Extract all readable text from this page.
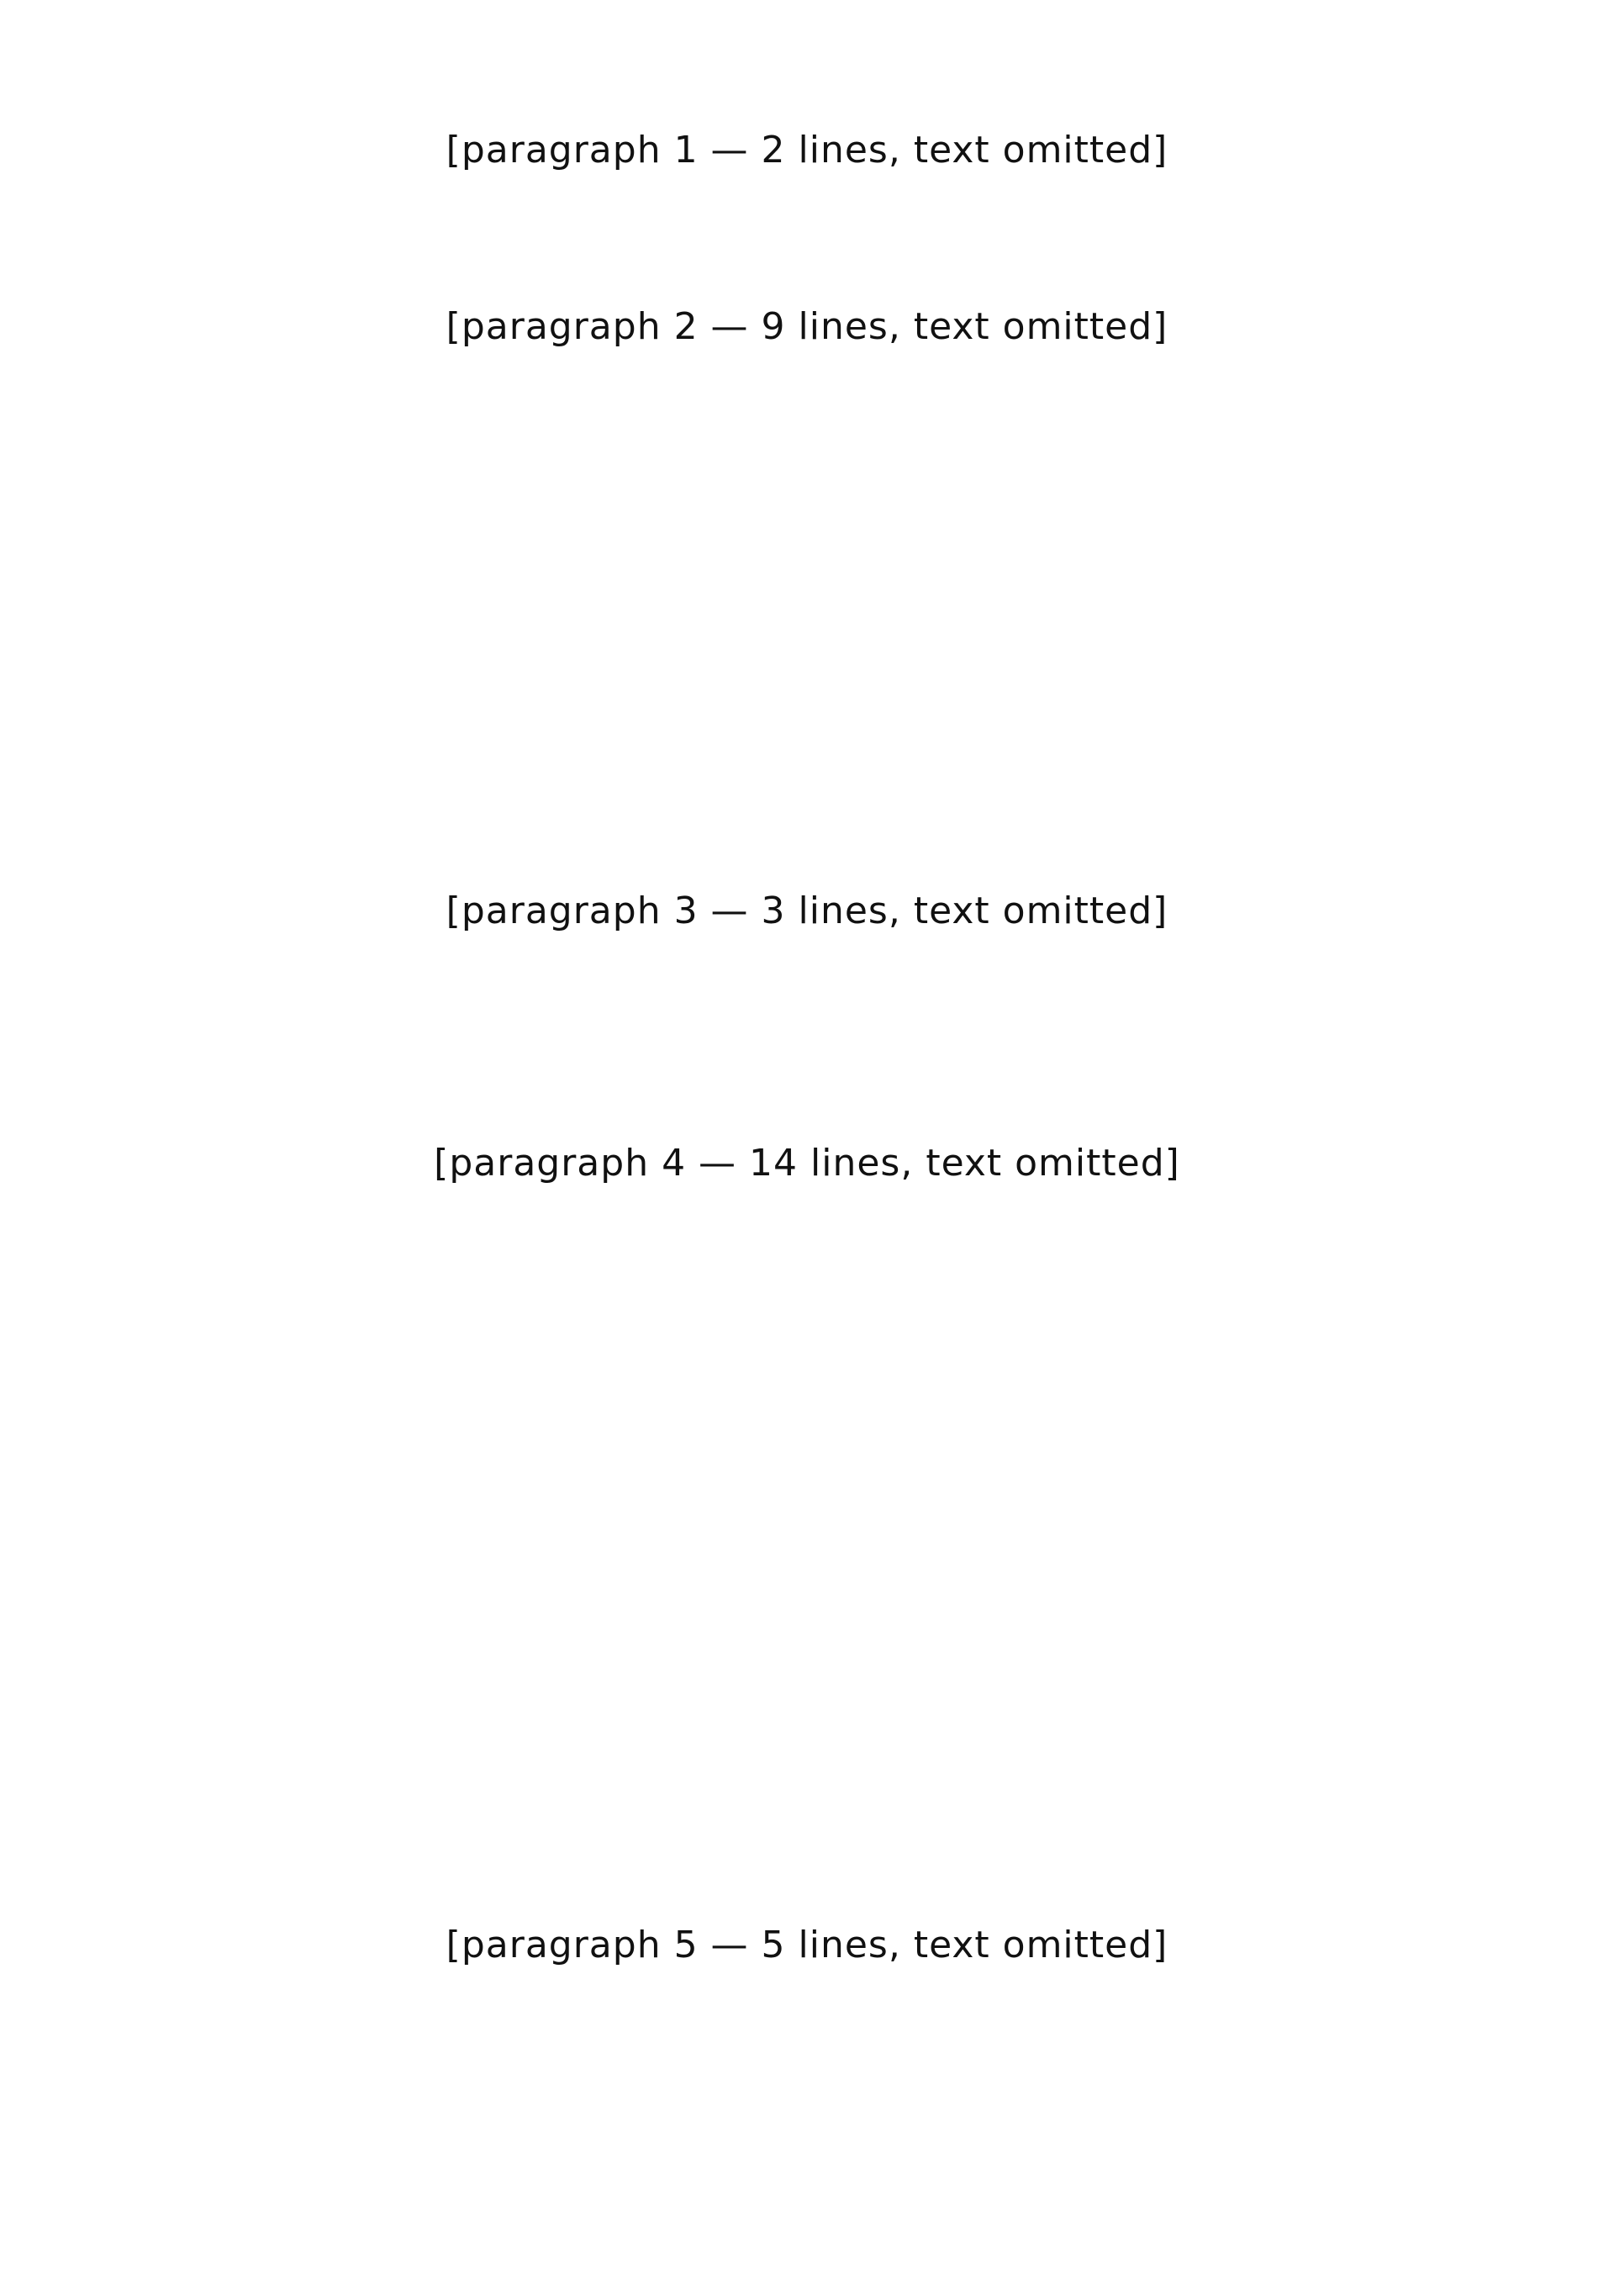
[paragraph 1 — 2 lines, text omitted]
[paragraph 2 — 9 lines, text omitted]
[paragraph 3 — 3 lines, text omitted]
[paragraph 4 — 14 lines, text omitted]
[paragraph 5 — 5 lines, text omitted]
